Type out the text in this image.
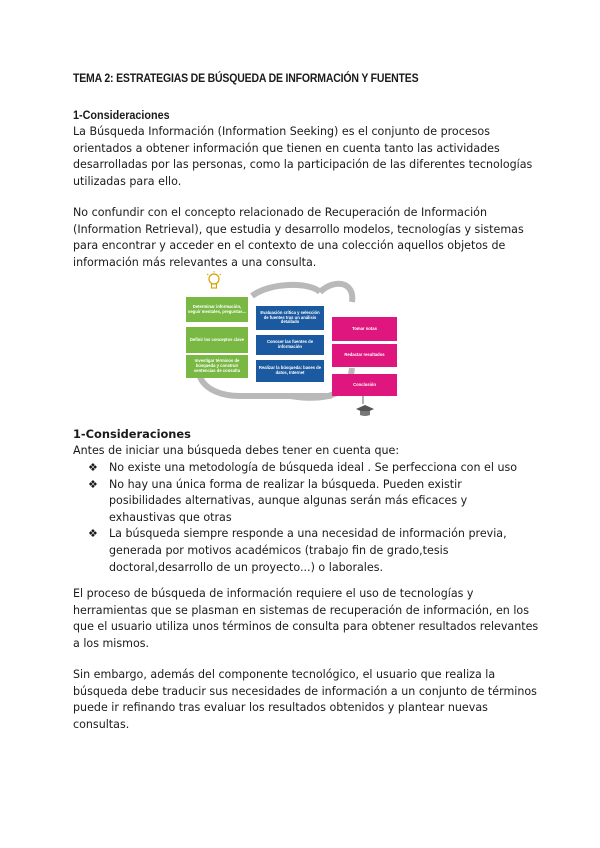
TEMA 2: ESTRATEGIAS DE BÚSQUEDA DE INFORMACIÓN Y FUENTES
1-Consideraciones

La Búsqueda Información (Information Seeking) es el conjunto de procesos orientados a obtener información que tienen en cuenta tanto las actividades desarrolladas por las personas, como la participación de las diferentes tecnologías utilizadas para ello.

No confundir con el concepto relacionado de Recuperación de Información (Information Retrieval), que estudia y desarrollo modelos, tecnologías y sistemas para encontrar y acceder en el contexto de una colección aquellos objetos de información más relevantes a una consulta.

Determinar información, seguir mentales, preguntas...
Definir los conceptos clave
Investigar términos de búsqueda y construir sentencias de consulta
Evaluación crítica y selección de fuentes tras un análisis detallado
Conocer las fuentes de información
Realizar la búsqueda: bases de datos, Internet
Tomar notas
Redactar resultados
Conclusión
1-Consideraciones

Antes de iniciar una búsqueda debes tener en cuenta que:

❖ No existe una metodología de búsqueda ideal . Se perfecciona con el uso
❖ No hay una única forma de realizar la búsqueda. Pueden existir posibilidades alternativas, aunque algunas serán más eficaces y exhaustivas que otras
❖ La búsqueda siempre responde a una necesidad de información previa, generada por motivos académicos (trabajo fin de grado,tesis doctoral,desarrollo de un proyecto...) o laborales.

El proceso de búsqueda de información requiere el uso de tecnologías y herramientas que se plasman en sistemas de recuperación de información, en los que el usuario utiliza unos términos de consulta para obtener resultados relevantes a los mismos.

Sin embargo, además del componente tecnológico, el usuario que realiza la búsqueda debe traducir sus necesidades de información a un conjunto de términos puede ir refinando tras evaluar los resultados obtenidos y plantear nuevas consultas.
